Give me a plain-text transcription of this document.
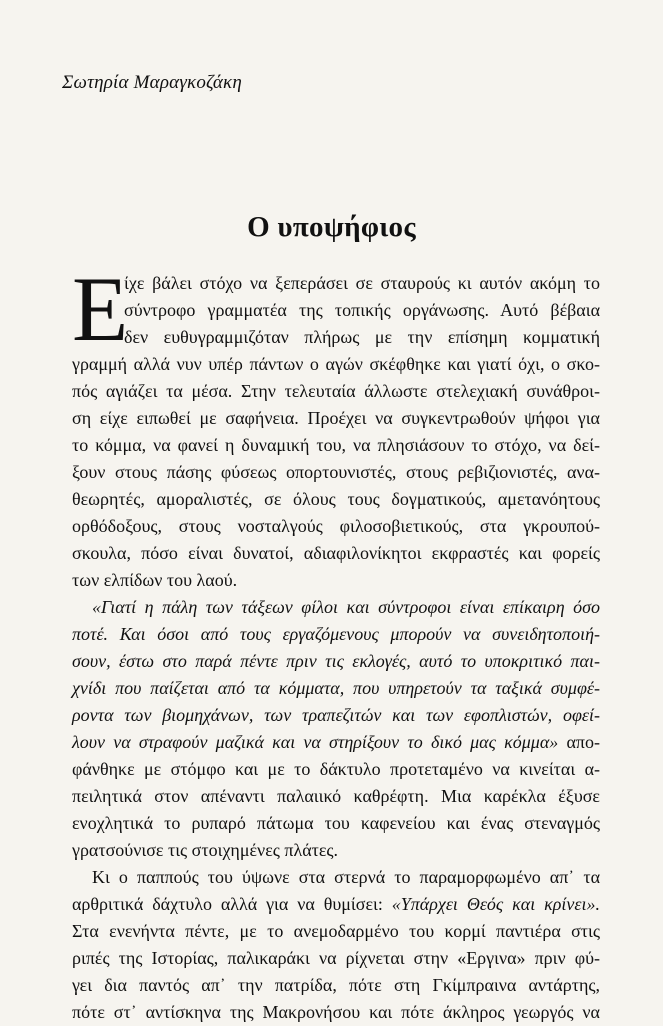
Σωτηρία Μαραγκοζάκη
Ο υποψήφιος
Ε
ίχε βάλει στόχο να ξεπεράσει σε σταυρούς κι αυτόν ακόμη το
σύντροφο γραμματέα της τοπικής οργάνωσης. Αυτό βέβαια
δεν ευθυγραμμιζόταν πλήρως με την επίσημη κομματική
γραμμή αλλά νυν υπέρ πάντων ο αγών σκέφθηκε και γιατί όχι, ο σκο-
πός αγιάζει τα μέσα. Στην τελευταία άλλωστε στελεχιακή συνάθροι-
ση είχε ειπωθεί με σαφήνεια. Προέχει να συγκεντρωθούν ψήφοι για
το κόμμα, να φανεί η δυναμική του, να πλησιάσουν το στόχο, να δεί-
ξουν στους πάσης φύσεως οπορτουνιστές, στους ρεβιζιονιστές, ανα-
θεωρητές, αμοραλιστές, σε όλους τους δογματικούς, αμετανόητους
ορθόδοξους, στους νοσταλγούς φιλοσοβιετικούς, στα γκρουπού-
σκουλα, πόσο είναι δυνατοί, αδιαφιλονίκητοι εκφραστές και φορείς
των ελπίδων του λαού.
«Γιατί η πάλη των τάξεων φίλοι και σύντροφοι είναι επίκαιρη όσο
ποτέ. Και όσοι από τους εργαζόμενους μπορούν να συνειδητοποιή-
σουν, έστω στο παρά πέντε πριν τις εκλογές, αυτό το υποκριτικό παι-
χνίδι που παίζεται από τα κόμματα, που υπηρετούν τα ταξικά συμφέ-
ροντα των βιομηχάνων, των τραπεζιτών και των εφοπλιστών, οφεί-
λουν να στραφούν μαζικά και να στηρίξουν το δικό μας κόμμα» απο-
φάνθηκε με στόμφο και με το δάκτυλο προτεταμένο να κινείται α-
πειλητικά στον απέναντι παλαιικό καθρέφτη. Μια καρέκλα έξυσε
ενοχλητικά το ρυπαρό πάτωμα του καφενείου και ένας στεναγμός
γρατσούνισε τις στοιχημένες πλάτες.
Κι ο παππούς του ύψωνε στα στερνά το παραμορφωμένο απ᾿ τα
αρθριτικά δάχτυλο αλλά για να θυμίσει: «Υπάρχει Θεός και κρίνει».
Στα ενενήντα πέντε, με το ανεμοδαρμένο του κορμί παντιέρα στις
ριπές της Ιστορίας, παλικαράκι να ρίχνεται στην «Εργινα» πριν φύ-
γει δια παντός απ᾿ την πατρίδα, πότε στη Γκίμπραινα αντάρτης,
πότε στ᾿ αντίσκηνα της Μακρονήσου και πότε άκληρος γεωργός να
